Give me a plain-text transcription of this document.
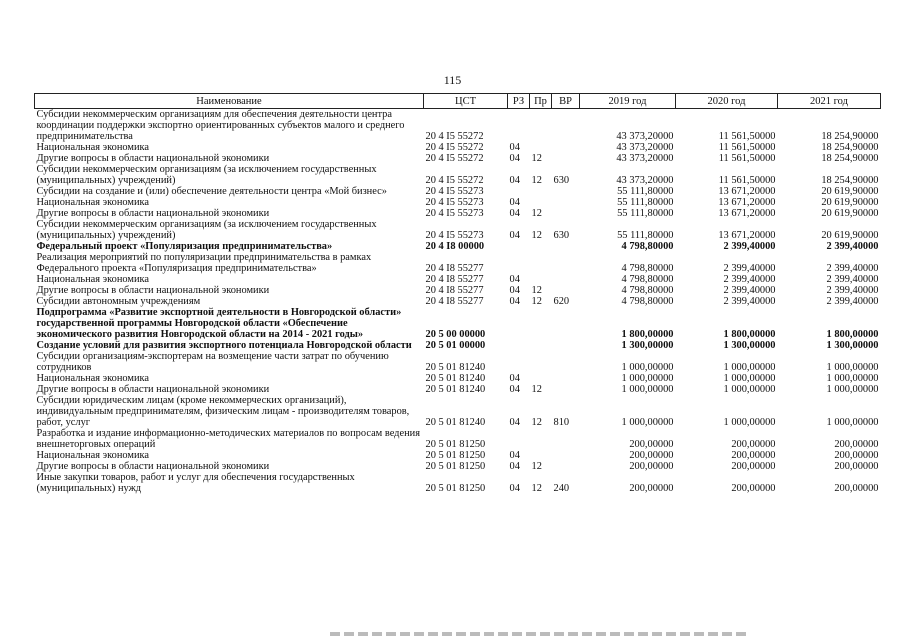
115
Наименование	ЦСТ	РЗ	Пр	ВР	2019 год	2020 год	2021 год
Субсидии некоммерческим организациям для обеспечения деятельности центра координации поддержки экспортно ориентированных субъектов малого и среднего предпринимательства	20 4 I5 55272				43 373,20000	11 561,50000	18 254,90000
Национальная экономика	20 4 I5 55272	04			43 373,20000	11 561,50000	18 254,90000
Другие вопросы в области национальной экономики	20 4 I5 55272	04	12		43 373,20000	11 561,50000	18 254,90000
Субсидии некоммерческим организациям (за исключением государственных (муниципальных) учреждений)	20 4 I5 55272	04	12	630	43 373,20000	11 561,50000	18 254,90000
Субсидии на создание и (или) обеспечение деятельности центра «Мой бизнес»	20 4 I5 55273				55 111,80000	13 671,20000	20 619,90000
Национальная экономика	20 4 I5 55273	04			55 111,80000	13 671,20000	20 619,90000
Другие вопросы в области национальной экономики	20 4 I5 55273	04	12		55 111,80000	13 671,20000	20 619,90000
Субсидии некоммерческим организациям (за исключением государственных (муниципальных) учреждений)	20 4 I5 55273	04	12	630	55 111,80000	13 671,20000	20 619,90000
Федеральный проект «Популяризация предпринимательства»	20 4 I8 00000				4 798,80000	2 399,40000	2 399,40000
Реализация мероприятий по популяризации предпринимательства в рамках Федерального проекта «Популяризация предпринимательства»	20 4 I8 55277				4 798,80000	2 399,40000	2 399,40000
Национальная экономика	20 4 I8 55277	04			4 798,80000	2 399,40000	2 399,40000
Другие вопросы в области национальной экономики	20 4 I8 55277	04	12		4 798,80000	2 399,40000	2 399,40000
Субсидии автономным учреждениям	20 4 I8 55277	04	12	620	4 798,80000	2 399,40000	2 399,40000
Подпрограмма «Развитие экспортной деятельности в Новгородской области» государственной программы Новгородской области «Обеспечение экономического развития Новгородской области на 2014 - 2021 годы»	20 5 00 00000				1 800,00000	1 800,00000	1 800,00000
Создание условий для развития экспортного потенциала Новгородской области	20 5 01 00000				1 300,00000	1 300,00000	1 300,00000
Субсидии организациям-экспортерам на возмещение части затрат по обучению сотрудников	20 5 01 81240				1 000,00000	1 000,00000	1 000,00000
Национальная экономика	20 5 01 81240	04			1 000,00000	1 000,00000	1 000,00000
Другие вопросы в области национальной экономики	20 5 01 81240	04	12		1 000,00000	1 000,00000	1 000,00000
Субсидии юридическим лицам (кроме некоммерческих организаций), индивидуальным предпринимателям, физическим лицам - производителям товаров, работ, услуг	20 5 01 81240	04	12	810	1 000,00000	1 000,00000	1 000,00000
Разработка и издание информационно-методических материалов по вопросам ведения внешнеторговых операций	20 5 01 81250				200,00000	200,00000	200,00000
Национальная экономика	20 5 01 81250	04			200,00000	200,00000	200,00000
Другие вопросы в области национальной экономики	20 5 01 81250	04	12		200,00000	200,00000	200,00000
Иные закупки товаров, работ и услуг для обеспечения государственных (муниципальных) нужд	20 5 01 81250	04	12	240	200,00000	200,00000	200,00000
